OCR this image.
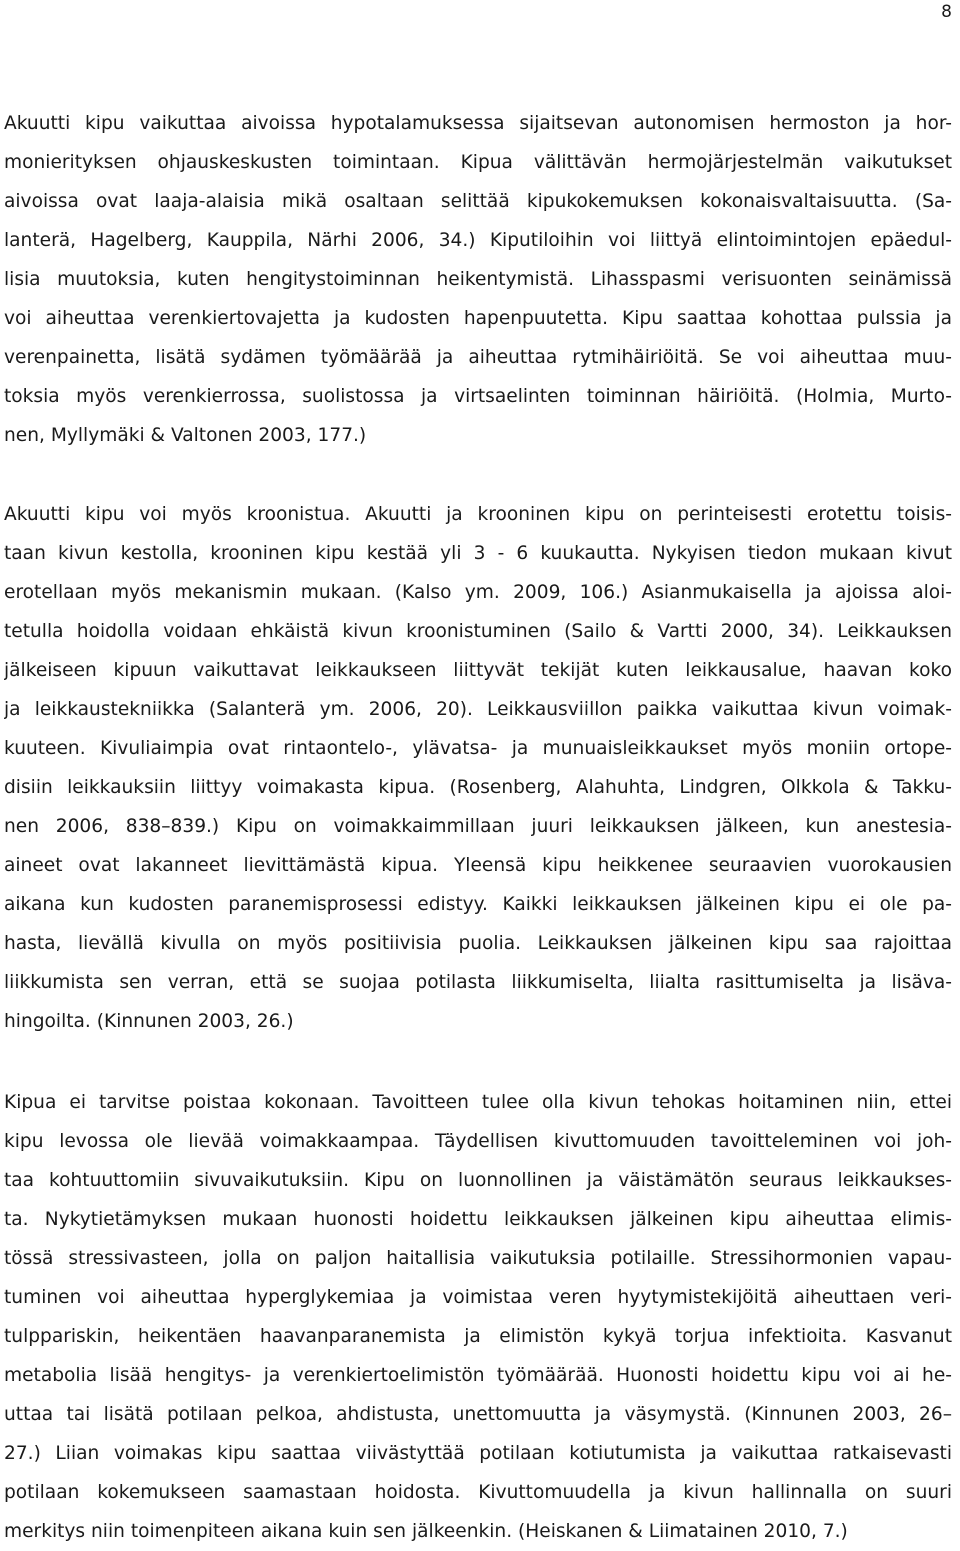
8
Akuutti kipu vaikuttaa aivoissa hypotalamuksessa sijaitsevan autonomisen hermoston ja hor-
monierityksen ohjauskeskusten toimintaan. Kipua välittävän hermojärjestelmän vaikutukset
aivoissa ovat laaja-alaisia mikä osaltaan selittää kipukokemuksen kokonaisvaltaisuutta. (Sa-
lanterä, Hagelberg, Kauppila, Närhi 2006, 34.) Kiputiloihin voi liittyä elintoimintojen epäedul-
lisia muutoksia, kuten hengitystoiminnan heikentymistä. Lihasspasmi verisuonten seinämissä
voi aiheuttaa verenkiertovajetta ja kudosten hapenpuutetta. Kipu saattaa kohottaa pulssia ja
verenpainetta, lisätä sydämen työmäärää ja aiheuttaa rytmihäiriöitä. Se voi aiheuttaa muu-
toksia myös verenkierrossa, suolistossa ja virtsaelinten toiminnan häiriöitä. (Holmia, Murto-
nen, Myllymäki & Valtonen 2003, 177.)
Akuutti kipu voi myös kroonistua. Akuutti ja krooninen kipu on perinteisesti erotettu toisis-
taan kivun kestolla, krooninen kipu kestää yli 3 - 6 kuukautta. Nykyisen tiedon mukaan kivut
erotellaan myös mekanismin mukaan. (Kalso ym. 2009, 106.) Asianmukaisella ja ajoissa aloi-
tetulla hoidolla voidaan ehkäistä kivun kroonistuminen (Sailo & Vartti 2000, 34). Leikkauksen
jälkeiseen kipuun vaikuttavat leikkaukseen liittyvät tekijät kuten leikkausalue, haavan koko
ja leikkaustekniikka (Salanterä ym. 2006, 20). Leikkausviillon paikka vaikuttaa kivun voimak-
kuuteen. Kivuliaimpia ovat rintaontelo-, ylävatsa- ja munuaisleikkaukset myös moniin ortope-
disiin leikkauksiin liittyy voimakasta kipua. (Rosenberg, Alahuhta, Lindgren, Olkkola & Takku-
nen 2006, 838–839.) Kipu on voimakkaimmillaan juuri leikkauksen jälkeen, kun anestesia-
aineet ovat lakanneet lievittämästä kipua. Yleensä kipu heikkenee seuraavien vuorokausien
aikana kun kudosten paranemisprosessi edistyy. Kaikki leikkauksen jälkeinen kipu ei ole pa-
hasta, lievällä kivulla on myös positiivisia puolia. Leikkauksen jälkeinen kipu saa rajoittaa
liikkumista sen verran, että se suojaa potilasta liikkumiselta, liialta rasittumiselta ja lisäva-
hingoilta. (Kinnunen 2003, 26.)
Kipua ei tarvitse poistaa kokonaan. Tavoitteen tulee olla kivun tehokas hoitaminen niin, ettei
kipu levossa ole lievää voimakkaampaa. Täydellisen kivuttomuuden tavoitteleminen voi joh-
taa kohtuuttomiin sivuvaikutuksiin. Kipu on luonnollinen ja väistämätön seuraus leikkaukses-
ta. Nykytietämyksen mukaan huonosti hoidettu leikkauksen jälkeinen kipu aiheuttaa elimis-
tössä stressivasteen, jolla on paljon haitallisia vaikutuksia potilaille. Stressihormonien vapau-
tuminen voi aiheuttaa hyperglykemiaa ja voimistaa veren hyytymistekijöitä aiheuttaen veri-
tulppariskin, heikentäen haavanparanemista ja elimistön kykyä torjua infektioita. Kasvanut
metabolia lisää hengitys- ja verenkiertoelimistön työmäärää. Huonosti hoidettu kipu voi ai he-
uttaa tai lisätä potilaan pelkoa, ahdistusta, unettomuutta ja väsymystä. (Kinnunen 2003, 26–
27.) Liian voimakas kipu saattaa viivästyttää potilaan kotiutumista ja vaikuttaa ratkaisevasti
potilaan kokemukseen saamastaan hoidosta. Kivuttomuudella ja kivun hallinnalla on suuri
merkitys niin toimenpiteen aikana kuin sen jälkeenkin. (Heiskanen & Liimatainen 2010, 7.)
